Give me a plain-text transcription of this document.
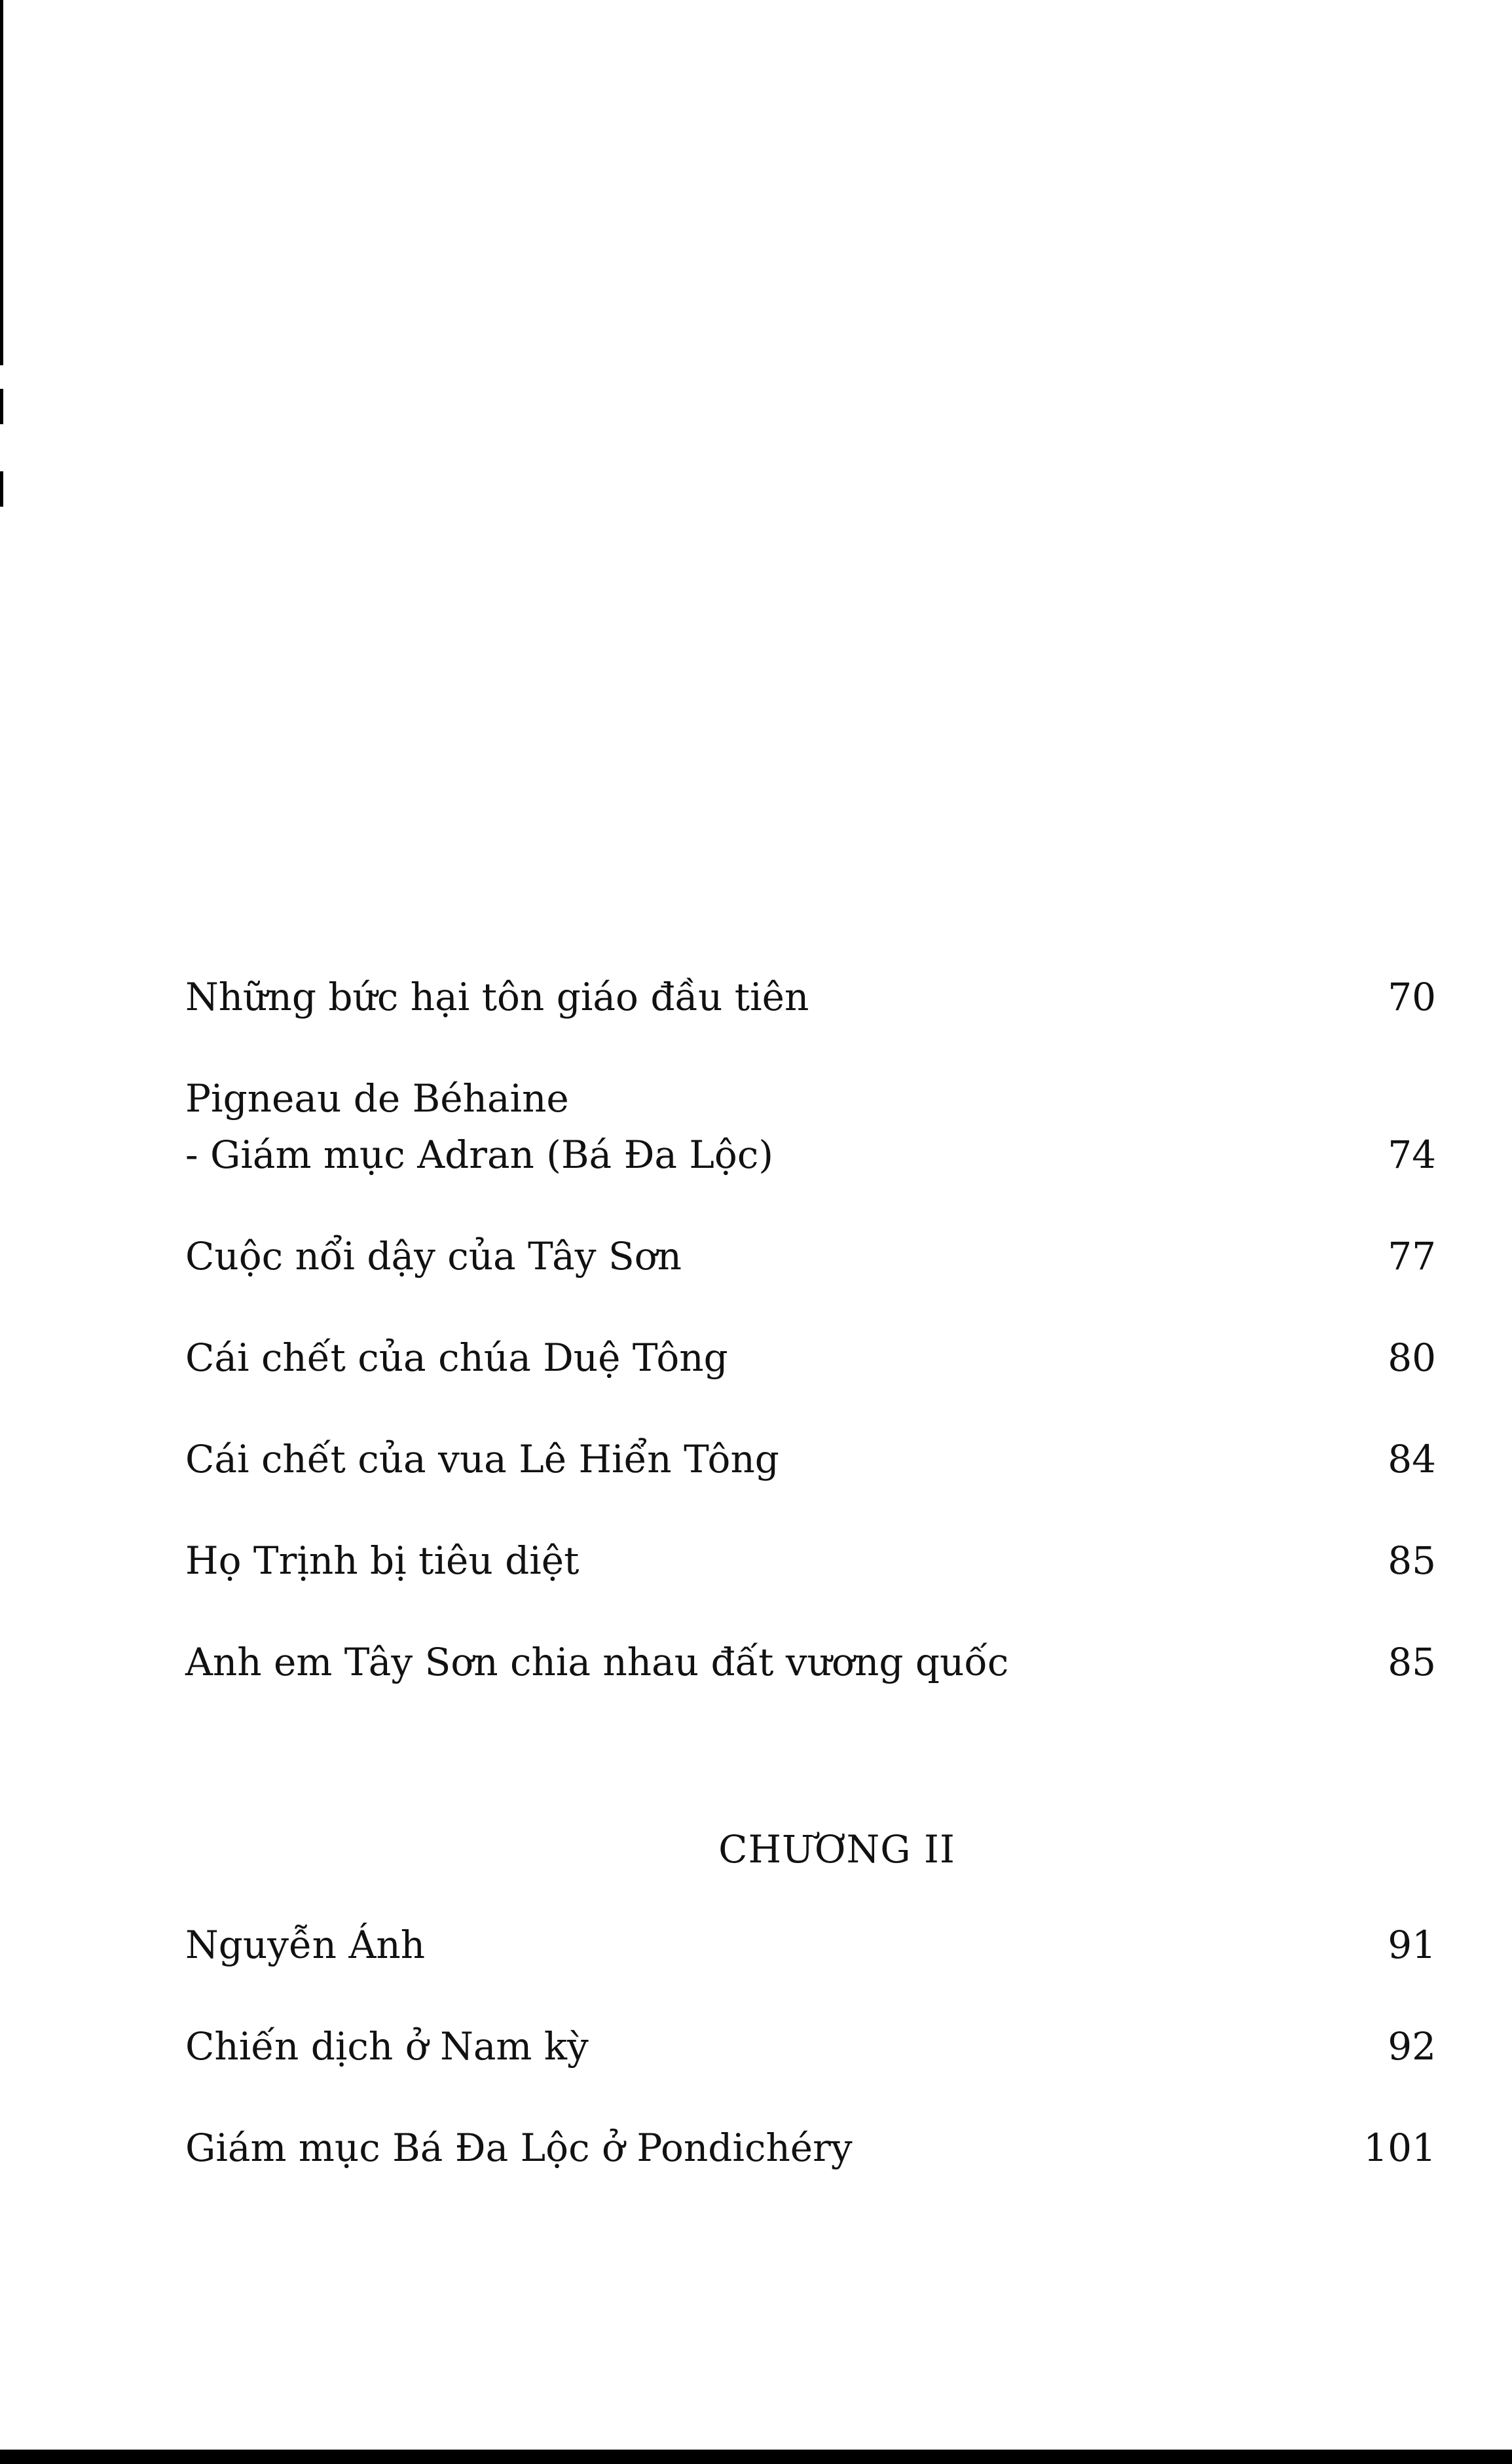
Những bức hại tôn giáo đầu tiên	70
Pigneau de Béhaine
- Giám mục Adran (Bá Đa Lộc)	74
Cuộc nổi dậy của Tây Sơn	77
Cái chết của chúa Duệ Tông	80
Cái chết của vua Lê Hiển Tông	84
Họ Trịnh bị tiêu diệt	85
Anh em Tây Sơn chia nhau đất vương quốc	85
CHƯƠNG II
Nguyễn Ánh	91
Chiến dịch ở Nam kỳ	92
Giám mục Bá Đa Lộc ở Pondichéry	101
